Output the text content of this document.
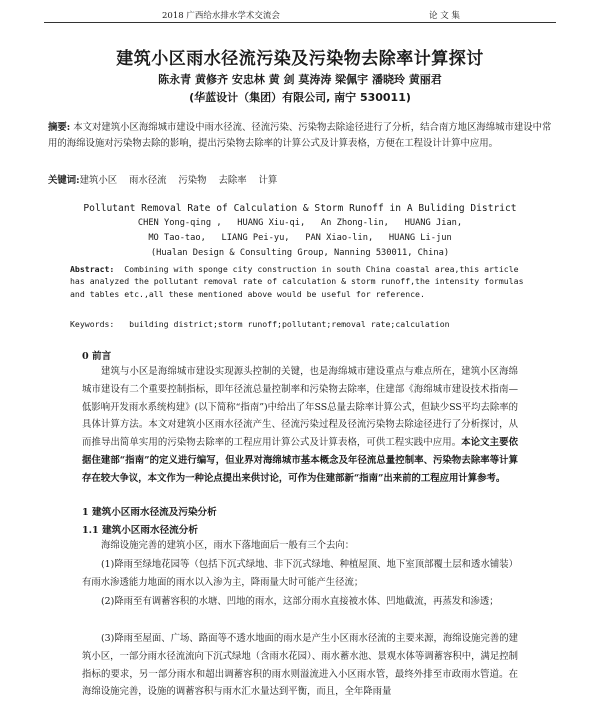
2018 广西给水排水学术交流会	论 文 集
建筑小区雨水径流污染及污染物去除率计算探讨
陈永青 黄修齐 安忠林 黄 剑 莫涛涛 梁佩宇 潘晓玲 黄丽君
(华蓝设计（集团）有限公司, 南宁 530011)
摘要: 本文对建筑小区海绵城市建设中雨水径流、径流污染、污染物去除途径进行了分析，结合南方地区海绵城市建设中常用的海绵设施对污染物去除的影响，提出污染物去除率的计算公式及计算表格，方便在工程设计计算中应用。
关键词:建筑小区    雨水径流    污染物    去除率    计算
Pollutant Removal Rate of Calculation & Storm Runoff in A Buliding District
CHEN Yong-qing ,   HUANG Xiu-qi,   An Zhong-lin,   HUANG Jian,
MO Tao-tao,   LIANG Pei-yu,   PAN Xiao-lin,   HUANG Li-jun
(Hualan Design & Consulting Group, Nanning 530011, China)
Abstract:  Combining with sponge city construction in south China coastal area,this article has analyzed the pollutant removal rate of calculation & storm runoff,the intensity formulas and tables etc.,all these mentioned above would be useful for reference.
Keywords:   building district;storm runoff;pollutant;removal rate;calculation
0 前言
建筑与小区是海绵城市建设实现源头控制的关键，也是海绵城市建设重点与难点所在，建筑小区海绵城市建设有二个重要控制指标，即年径流总量控制率和污染物去除率，住建部《海绵城市建设技术指南—低影响开发雨水系统构建》(以下简称“指南”)中给出了年SS总量去除率计算公式，但缺少SS平均去除率的具体计算方法。本文对建筑小区雨水径流产生、径流污染过程及径流污染物去除途径进行了分析探讨，从而推导出简单实用的污染物去除率的工程应用计算公式及计算表格，可供工程实践中应用。本论文主要依据住建部“指南”的定义进行编写，但业界对海绵城市基本概念及年径流总量控制率、污染物去除率等计算存在较大争议，本文作为一种论点提出来供讨论，可作为住建部新“指南”出来前的工程应用计算参考。
1 建筑小区雨水径流及污染分析
1.1 建筑小区雨水径流分析
海绵设施完善的建筑小区，雨水下落地面后一般有三个去向：
(1)降雨至绿地花园等（包括下沉式绿地、非下沉式绿地、种植屋顶、地下室顶部覆土层和透水铺装）有雨水渗透能力地面的雨水以入渗为主，降雨量大时可能产生径流；
(2)降雨至有调蓄容积的水塘、凹地的雨水，这部分雨水直接被水体、凹地截流，再蒸发和渗透；
(3)降雨至屋面、广场、路面等不透水地面的雨水是产生小区雨水径流的主要来源，海绵设施完善的建筑小区，一部分雨水径流流向下沉式绿地（含雨水花园）、雨水蓄水池、景观水体等调蓄容积中，满足控制指标的要求，另一部分雨水和超出调蓄容积的雨水则溢流进入小区雨水管，最终外排至市政雨水管道。在海绵设施完善，设施的调蓄容积与雨水汇水量达到平衡，而且，全年降雨量
